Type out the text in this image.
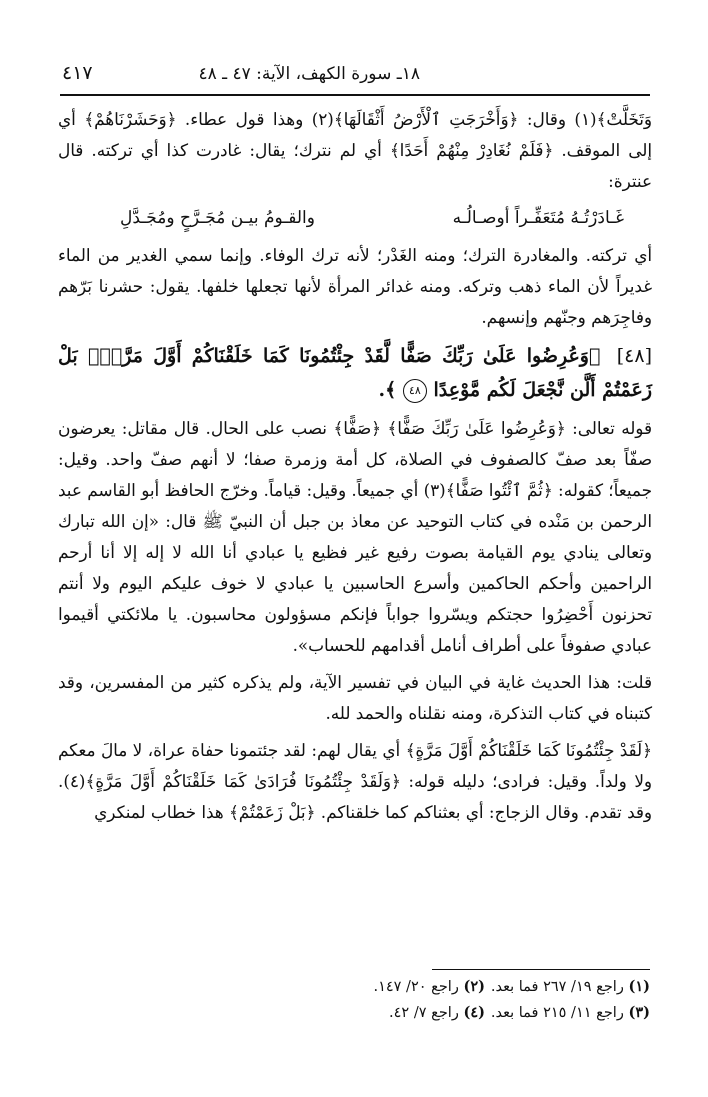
١٨ـ سورة الكهف، الآية: ٤٧ ـ ٤٨
٤١٧

وَتَخَلَّتْ﴾(١) وقال: ﴿وَأَخْرَجَتِ ٱلْأَرْضُ أَثْقَالَهَا﴾(٢) وهذا قول عطاء. ﴿وَحَشَرْنَاهُمْ﴾ أي إلى الموقف. ﴿فَلَمْ نُغَادِرْ مِنْهُمْ أَحَدًا﴾ أي لم نترك؛ يقال: غادرت كذا أي تركته. قال عنترة:

غَـادَرْتُـهُ مُتَعَفِّـراً أوصـالُـه
والقـومُ بيـن مُجَـرَّحٍ ومُجَـدَّلِ

أي تركته. والمغادرة الترك؛ ومنه الغَدْر؛ لأنه ترك الوفاء. وإنما سمي الغدير من الماء غديراً لأن الماء ذهب وتركه. ومنه غدائر المرأة لأنها تجعلها خلفها. يقول: حشرنا بَرّهم وفاجِرَهم وجنّهم وإنسهم.

[٤٨] ﴿وَعُرِضُوا عَلَىٰ رَبِّكَ صَفًّا لَّقَدْ جِئْتُمُونَا كَمَا خَلَقْنَاكُمْ أَوَّلَ مَرَّةٍۭ بَلْ زَعَمْتُمْ أَلَّن نَّجْعَلَ لَكُم مَّوْعِدًا ٤٨ ﴾.

قوله تعالى: ﴿وَعُرِضُوا عَلَىٰ رَبِّكَ صَفًّا﴾ ﴿صَفًّا﴾ نصب على الحال. قال مقاتل: يعرضون صفّاً بعد صفّ كالصفوف في الصلاة، كل أمة وزمرة صفا؛ لا أنهم صفّ واحد. وقيل: جميعاً؛ كقوله: ﴿ثُمَّ ٱئْتُوا صَفًّا﴾(٣) أي جميعاً. وقيل: قياماً. وخرّج الحافظ أبو القاسم عبد الرحمن بن مَنْده في كتاب التوحيد عن معاذ بن جبل أن النبيّ ﷺ قال: «إن الله تبارك وتعالى ينادي يوم القيامة بصوت رفيع غير فظيع يا عبادي أنا الله لا إله إلا أنا أرحم الراحمين وأحكم الحاكمين وأسرع الحاسبين يا عبادي لا خوف عليكم اليوم ولا أنتم تحزنون أَحْضِرُوا حجتكم ويسّروا جواباً فإنكم مسؤولون محاسبون. يا ملائكتي أقيموا عبادي صفوفاً على أطراف أنامل أقدامهم للحساب».

قلت: هذا الحديث غاية في البيان في تفسير الآية، ولم يذكره كثير من المفسرين، وقد كتبناه في كتاب التذكرة، ومنه نقلناه والحمد لله.

﴿لَقَدْ جِئْتُمُونَا كَمَا خَلَقْنَاكُمْ أَوَّلَ مَرَّةٍ﴾ أي يقال لهم: لقد جئتمونا حفاة عراة، لا مالَ معكم ولا ولداً. وقيل: فرادى؛ دليله قوله: ﴿وَلَقَدْ جِئْتُمُونَا فُرَادَىٰ كَمَا خَلَقْنَاكُمْ أَوَّلَ مَرَّةٍ﴾(٤). وقد تقدم. وقال الزجاج: أي بعثناكم كما خلقناكم. ﴿بَلْ زَعَمْتُمْ﴾ هذا خطاب لمنكري

(١) راجع ١٩/ ٢٦٧ فما بعد.
(٢) راجع ٢٠/ ١٤٧.
(٣) راجع ١١/ ٢١٥ فما بعد.
(٤) راجع ٧/ ٤٢.
